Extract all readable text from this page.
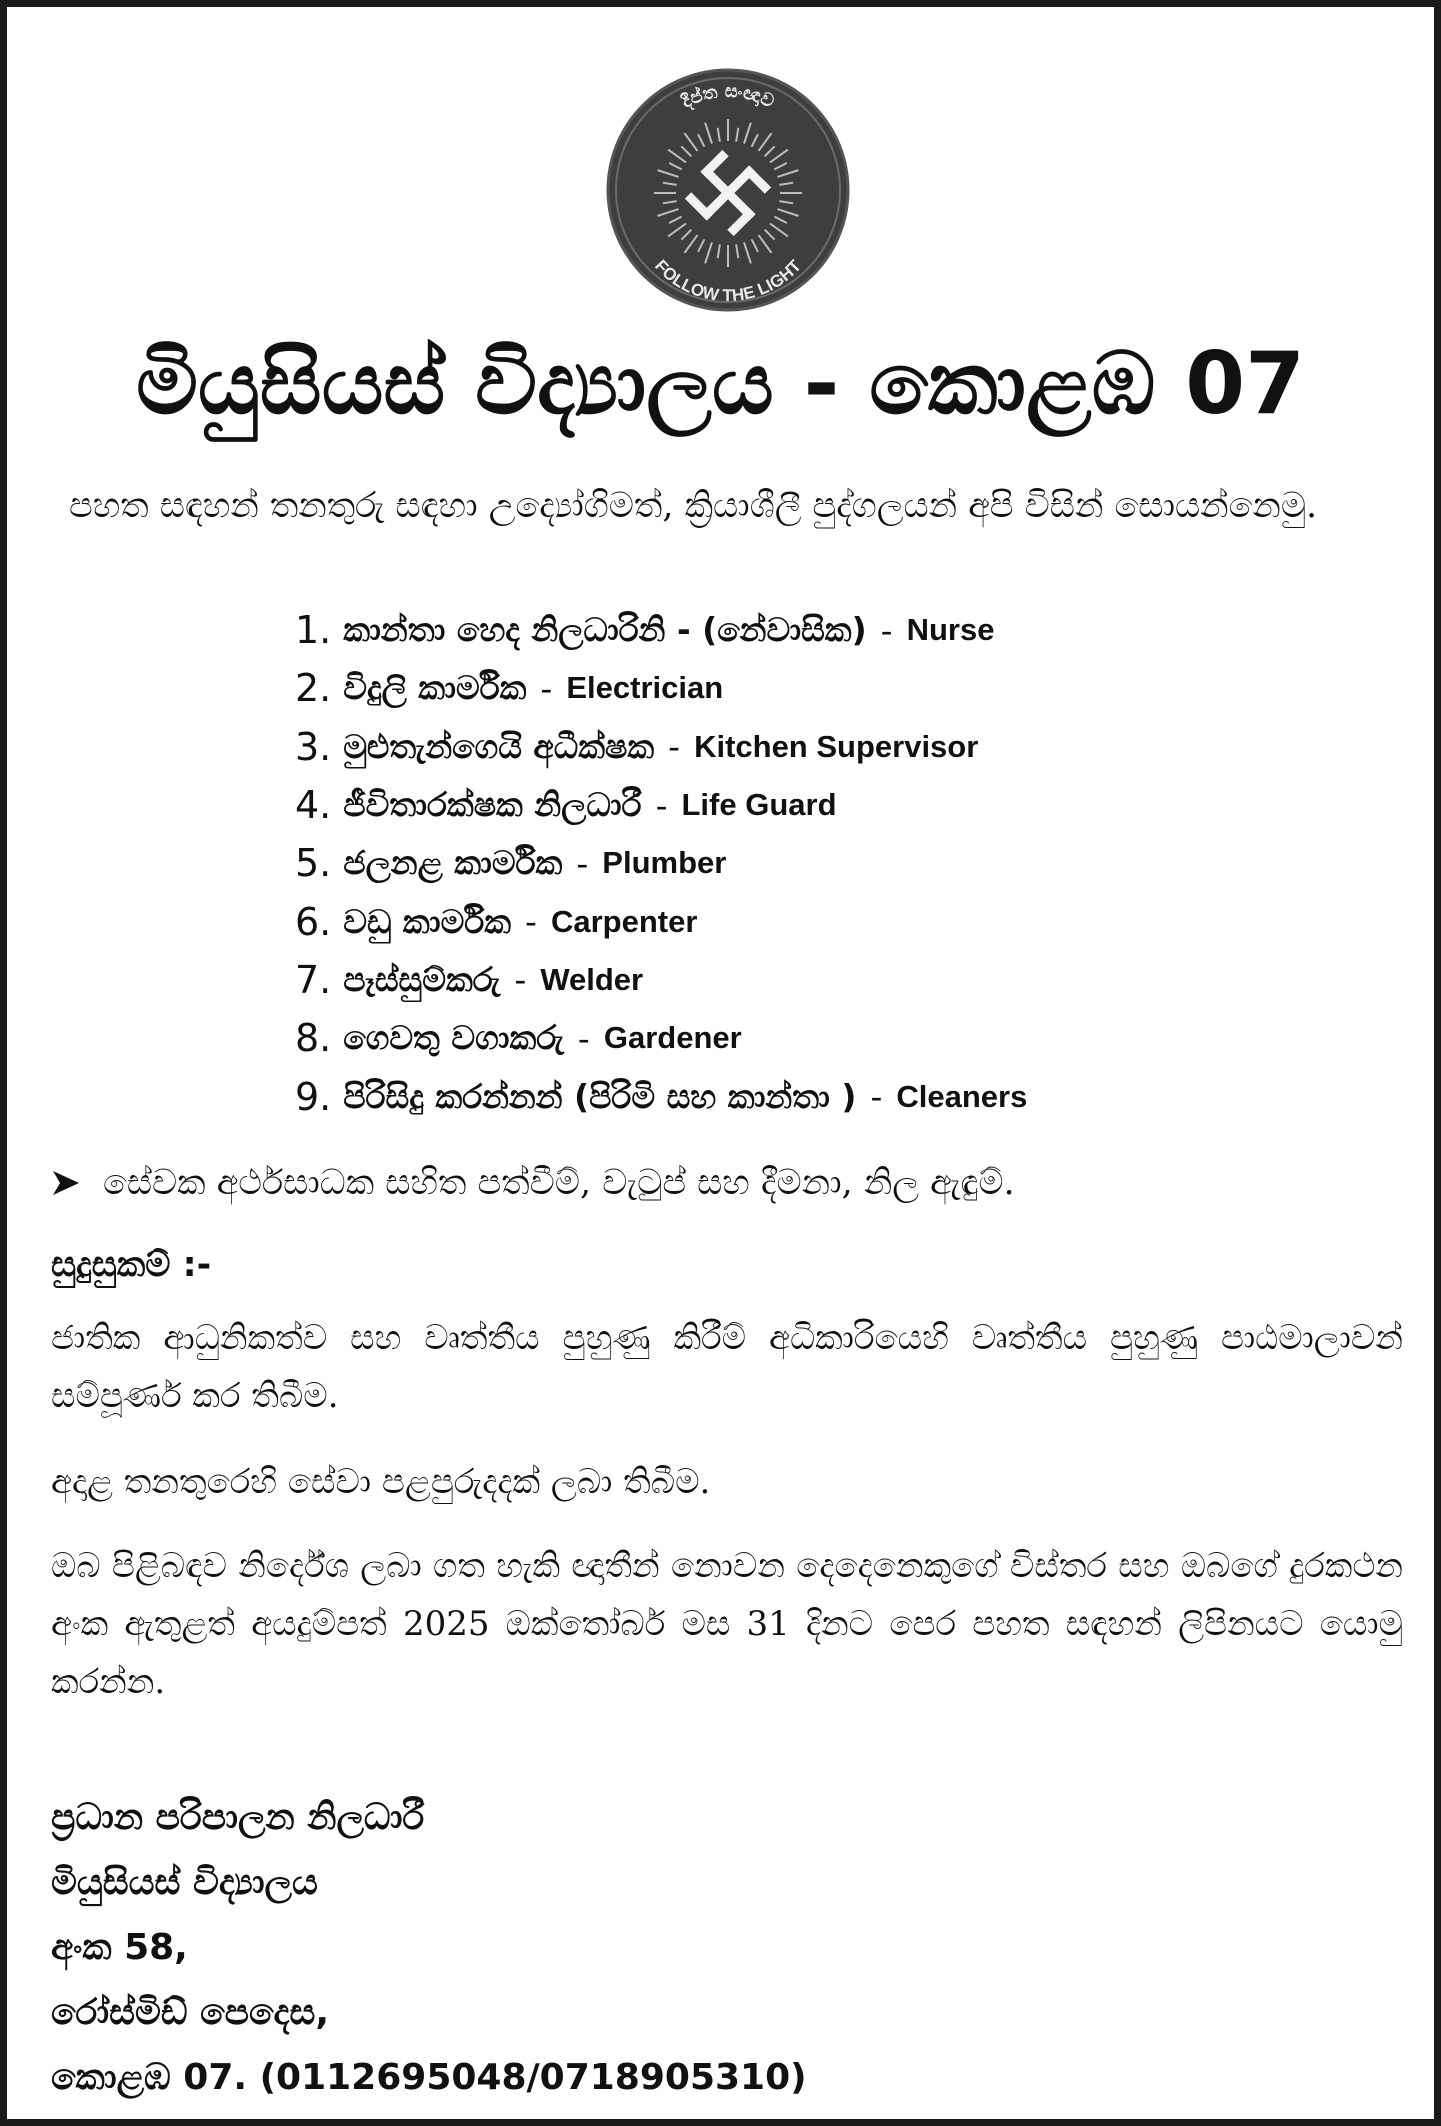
දීප්ත සංඥාව
FOLLOW THE LIGHT
මියුසියස් විද්‍යාලය - කොළඹ 07
පහත සඳහන් තනතුරු සඳහා උද්‍යෝගිමත්, ක්‍රියාශීලී පුද්ගලයන් අපි විසින් සොයන්නෙමු.
1. කාන්තා හෙද නිලධාරිනි - (නේවාසික) - Nurse
2. විදුලි කාර්මික - Electrician
3. මුළුතැන්ගෙයි අධීක්ෂක - Kitchen Supervisor
4. ජීවිතාරක්ෂක නිලධාරී - Life Guard
5. ජලනළ කාර්මික - Plumber
6. වඩු කාර්මික - Carpenter
7. පෑස්සුම්කරු - Welder
8. ගෙවතු වගාකරු - Gardener
9. පිරිසිදු කරන්නන් (පිරිමි සහ කාන්තා ) - Cleaners
සේවක අර්ථසාධක සහිත පත්වීම්, වැටුප් සහ දීමනා, නිල ඇඳුම්.
සුදුසුකම් :-
ජාතික ආධුනිකත්ව සහ වෘත්තීය පුහුණු කිරීම් අධිකාරියෙහි වෘත්තීය පුහුණු පාඨමාලාවන් සම්පූර්ණ කර තිබීම.
අදාළ තනතුරෙහි සේවා පළපුරුදදක් ලබා තිබීම.
ඔබ පිළිබඳව නිර්දේශ ලබා ගත හැකි ඥාතීන් නොවන දෙදෙනෙකුගේ විස්තර සහ ඔබගේ දුරකථන අංක ඇතුළත් අයදුම්පත් 2025 ඔක්තෝබර් මස 31 දිනට පෙර පහත සඳහන් ලිපිනයට යොමු කරන්න.
ප්‍රධාන පරිපාලන නිලධාරී
මියුසියස් විද්‍යාලය
අංක 58,
රෝස්මිඩ් පෙදෙස,
කොළඹ 07. (0112695048/0718905310)
